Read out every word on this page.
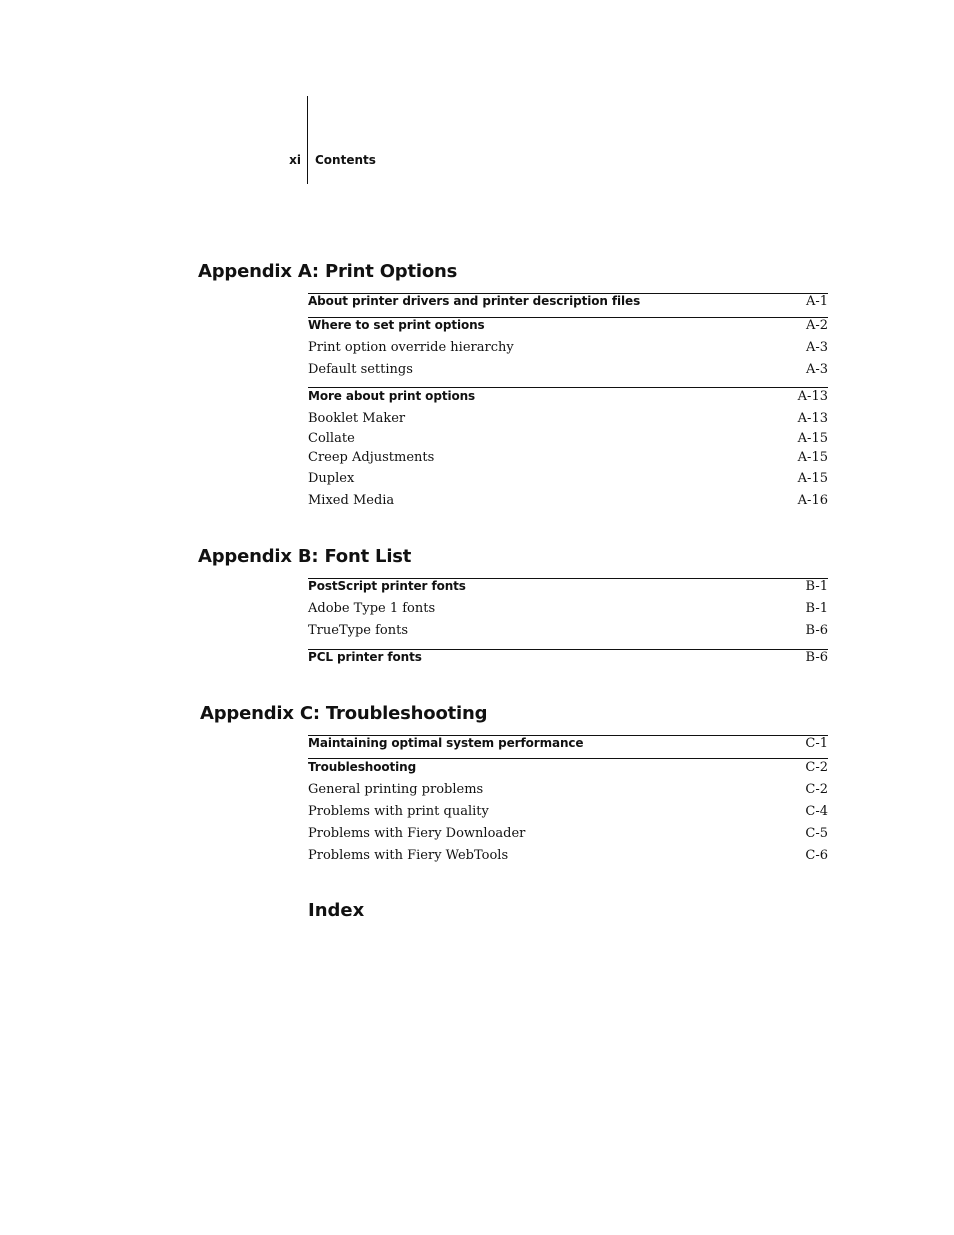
xi Contents
Appendix A: Print Options
About printer drivers and printer description files	A-1
Where to set print options	A-2
Print option override hierarchy	A-3
Default settings	A-3
More about print options	A-13
Booklet Maker	A-13
Collate	A-15
Creep Adjustments	A-15
Duplex	A-15
Mixed Media	A-16
Appendix B: Font List
PostScript printer fonts	B-1
Adobe Type 1 fonts	B-1
TrueType fonts	B-6
PCL printer fonts	B-6
Appendix C: Troubleshooting
Maintaining optimal system performance	C-1
Troubleshooting	C-2
General printing problems	C-2
Problems with print quality	C-4
Problems with Fiery Downloader	C-5
Problems with Fiery WebTools	C-6
Index
